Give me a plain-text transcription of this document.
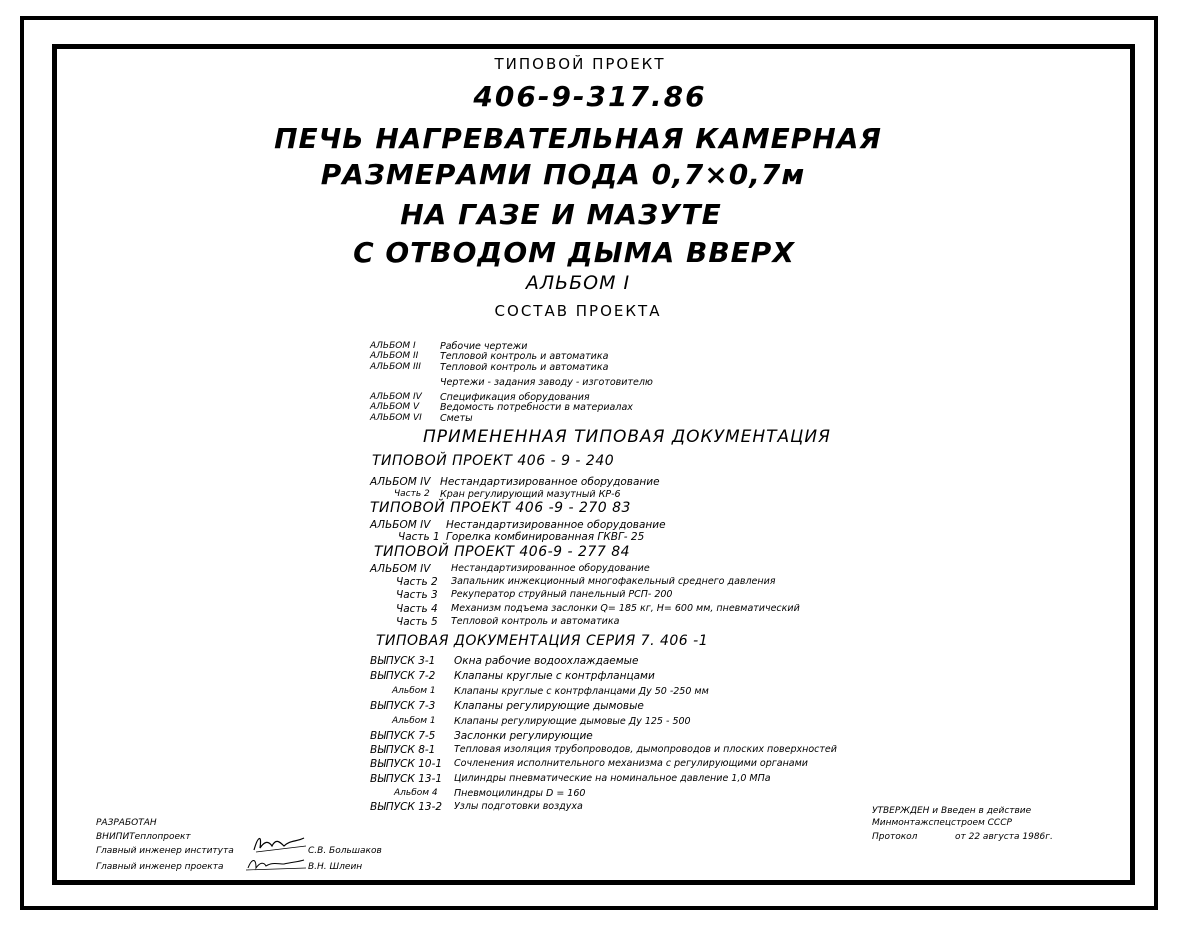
ТИПОВОЙ ПРОЕКТ
406-9-317.86
ПЕЧЬ НАГРЕВАТЕЛЬНАЯ КАМЕРНАЯ
РАЗМЕРАМИ ПОДА 0,7×0,7м
НА ГАЗЕ И МАЗУТЕ
С ОТВОДОМ ДЫМА ВВЕРХ
АЛЬБОМ I
СОСТАВ ПРОЕКТА
АЛЬБОМ I	Рабочие чертежи
АЛЬБОМ II Тепловой контроль и автоматика
АЛЬБОМ III Тепловой контроль и автоматика
Чертежи - задания заводу - изготовителю
АЛЬБОМ IV Спецификация оборудования
АЛЬБОМ V Ведомость потребности в материалах
АЛЬБОМ VI Сметы
ПРИМЕНЕННАЯ ТИПОВАЯ ДОКУМЕНТАЦИЯ
ТИПОВОЙ ПРОЕКТ 406 - 9 - 240
АЛЬБОМ IV Нестандартизированное оборудование
Часть 2 Кран регулирующий мазутный КР-6
ТИПОВОЙ ПРОЕКТ 406 -9 - 270 83
АЛЬБОМ IV Нестандартизированное оборудование
Часть 1 Горелка комбинированная ГКВГ- 25
ТИПОВОЙ ПРОЕКТ 406-9 - 277 84
АЛЬБОМ IV Нестандартизированное оборудование
Часть 2 Запальник инжекционный многофакельный среднего давления
Часть 3 Рекуператор струйный панельный РСП- 200
Часть 4 Механизм подъема заслонки Q= 185 кг, H= 600 мм, пневматический
Часть 5 Тепловой контроль и автоматика
ТИПОВАЯ ДОКУМЕНТАЦИЯ СЕРИЯ 7. 406 -1
ВЫПУСК 3-1 Окна рабочие водоохлаждаемые
ВЫПУСК 7-2 Клапаны круглые с контрфланцами
Альбом 1 Клапаны круглые с контрфланцами Ду 50 -250 мм
ВЫПУСК 7-3 Клапаны регулирующие дымовые
Альбом 1 Клапаны регулирующие дымовые Ду 125 - 500
ВЫПУСК 7-5 Заслонки регулирующие
ВЫПУСК 8-1 Тепловая изоляция трубопроводов, дымопроводов и плоских поверхностей
ВЫПУСК 10-1 Сочленения исполнительного механизма с регулирующими органами
ВЫПУСК 13-1 Цилиндры пневматические на номинальное давление 1,0 МПа
Альбом 4 Пневмоцилиндры D = 160
ВЫПУСК 13-2 Узлы подготовки воздуха
РАЗРАБОТАН
ВНИПИТеплопроект
Главный инженер института	С.В. Большаков
Главный инженер проекта	В.Н. Шлеин
УТВЕРЖДЕН и Введен в действие
Минмонтажспецстроем СССР
Протокол	от 22 августа 1986г.
